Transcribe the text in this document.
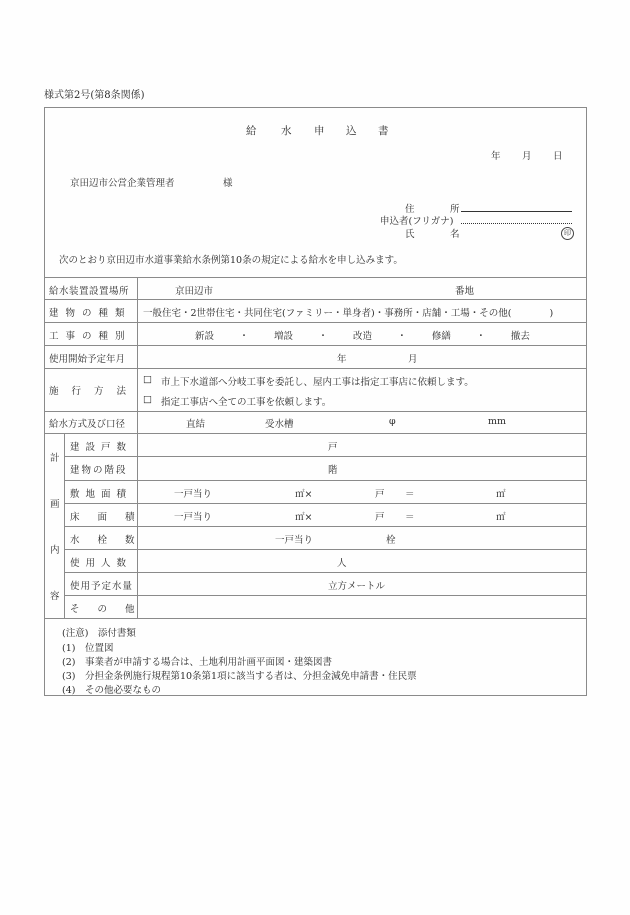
様式第2号(第8条関係)
給 水 申 込 書
年 月 日
京田辺市公営企業管理者	様
住	所
申込者(フリガナ)
氏	名	印
次のとおり京田辺市水道事業給水条例第10条の規定による給水を申し込みます。
給水装置設置場所	京田辺市	番地
建物の種類 一般住宅・2世帯住宅・共同住宅(ファミリー・単身者)・事務所・店舗・工場・その他(　　　　)
工事の種別	新設	・	増設	・	改造	・	修繕	・	撤去
使用開始予定年月	年	月
施行方法
□ 市上下水道部へ分岐工事を委託し、屋内工事は指定工事店に依頼します。
□ 指定工事店へ全ての工事を依頼します。
給水方式及び口径	直結	受水槽	φ	mm
計
画
内
容
建設戸数	戸
建物の階段	階
敷地面積	一戸当り	㎡×	戸 ＝	㎡
床面積 一戸当り	㎡×	戸 ＝	㎡
水栓数	一戸当り	栓
使用人数	人
使用予定水量	立方メートル
その他
(注意)　添付書類
(1)　位置図
(2)　事業者が申請する場合は、土地利用計画平面図・建築図書
(3)　分担金条例施行規程第10条第1項に該当する者は、分担金減免申請書・住民票
(4)　その他必要なもの
